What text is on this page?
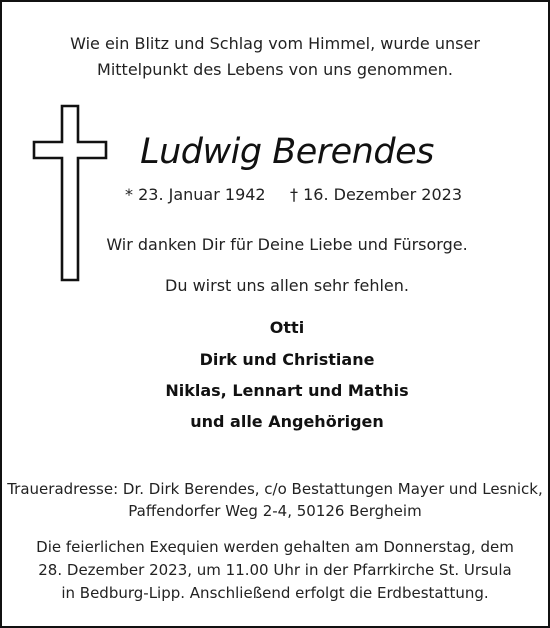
Wie ein Blitz und Schlag vom Himmel, wurde unser
Mittelpunkt des Lebens von uns genommen.
Ludwig Berendes
* 23. Januar 1942 † 16. Dezember 2023
Wir danken Dir für Deine Liebe und Fürsorge.
Du wirst uns allen sehr fehlen.
Otti
Dirk und Christiane
Niklas, Lennart und Mathis
und alle Angehörigen
Traueradresse: Dr. Dirk Berendes, c/o Bestattungen Mayer und Lesnick,
Paffendorfer Weg 2-4, 50126 Bergheim
Die feierlichen Exequien werden gehalten am Donnerstag, dem
28. Dezember 2023, um 11.00 Uhr in der Pfarrkirche St. Ursula
in Bedburg-Lipp. Anschließend erfolgt die Erdbestattung.
